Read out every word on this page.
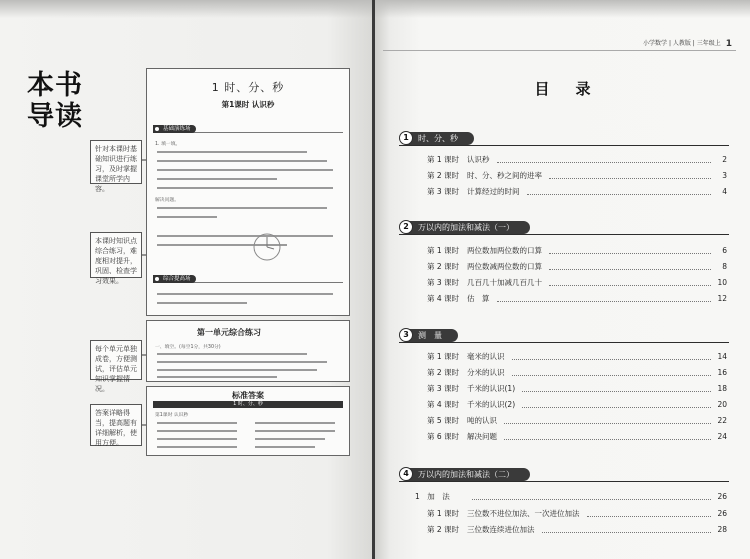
本书
导读
针对本课时基础知识进行练习，及时掌握课堂所学内容。
本课时知识点综合练习，难度相对提升，巩固、检查学习效果。
每个单元单独成卷，方便测试，评估单元知识掌握情况。
答案详略得当，提高题有详细解析，使用方便。
1 时、分、秒
第1课时 认识秒
基础演练场
1. 填一填。
解决问题。
综合提高场
第一单元综合练习
一、填空。(每空1分，共30分)
标准答案
1 时、分、秒
第1课时 认识秒
小学数学 | 人教版 | 三年级上 1
目录
1	时、分、秒
第 1 课时	认识秒	2
第 2 课时	时、分、秒之间的进率	3
第 3 课时	计算经过的时间	4
2	万以内的加法和减法（一）
第 1 课时	两位数加两位数的口算	6
第 2 课时	两位数减两位数的口算	8
第 3 课时	几百几十加减几百几十	10
第 4 课时	估　算	12
3	测　量
第 1 课时	毫米的认识	14
第 2 课时	分米的认识	16
第 3 课时	千米的认识(1)	18
第 4 课时	千米的认识(2)	20
第 5 课时	吨的认识	22
第 6 课时	解决问题	24
4	万以内的加法和减法（二）
1　加　法	26
第 1 课时	三位数不进位加法、一次进位加法	26
第 2 课时	三位数连续进位加法	28
